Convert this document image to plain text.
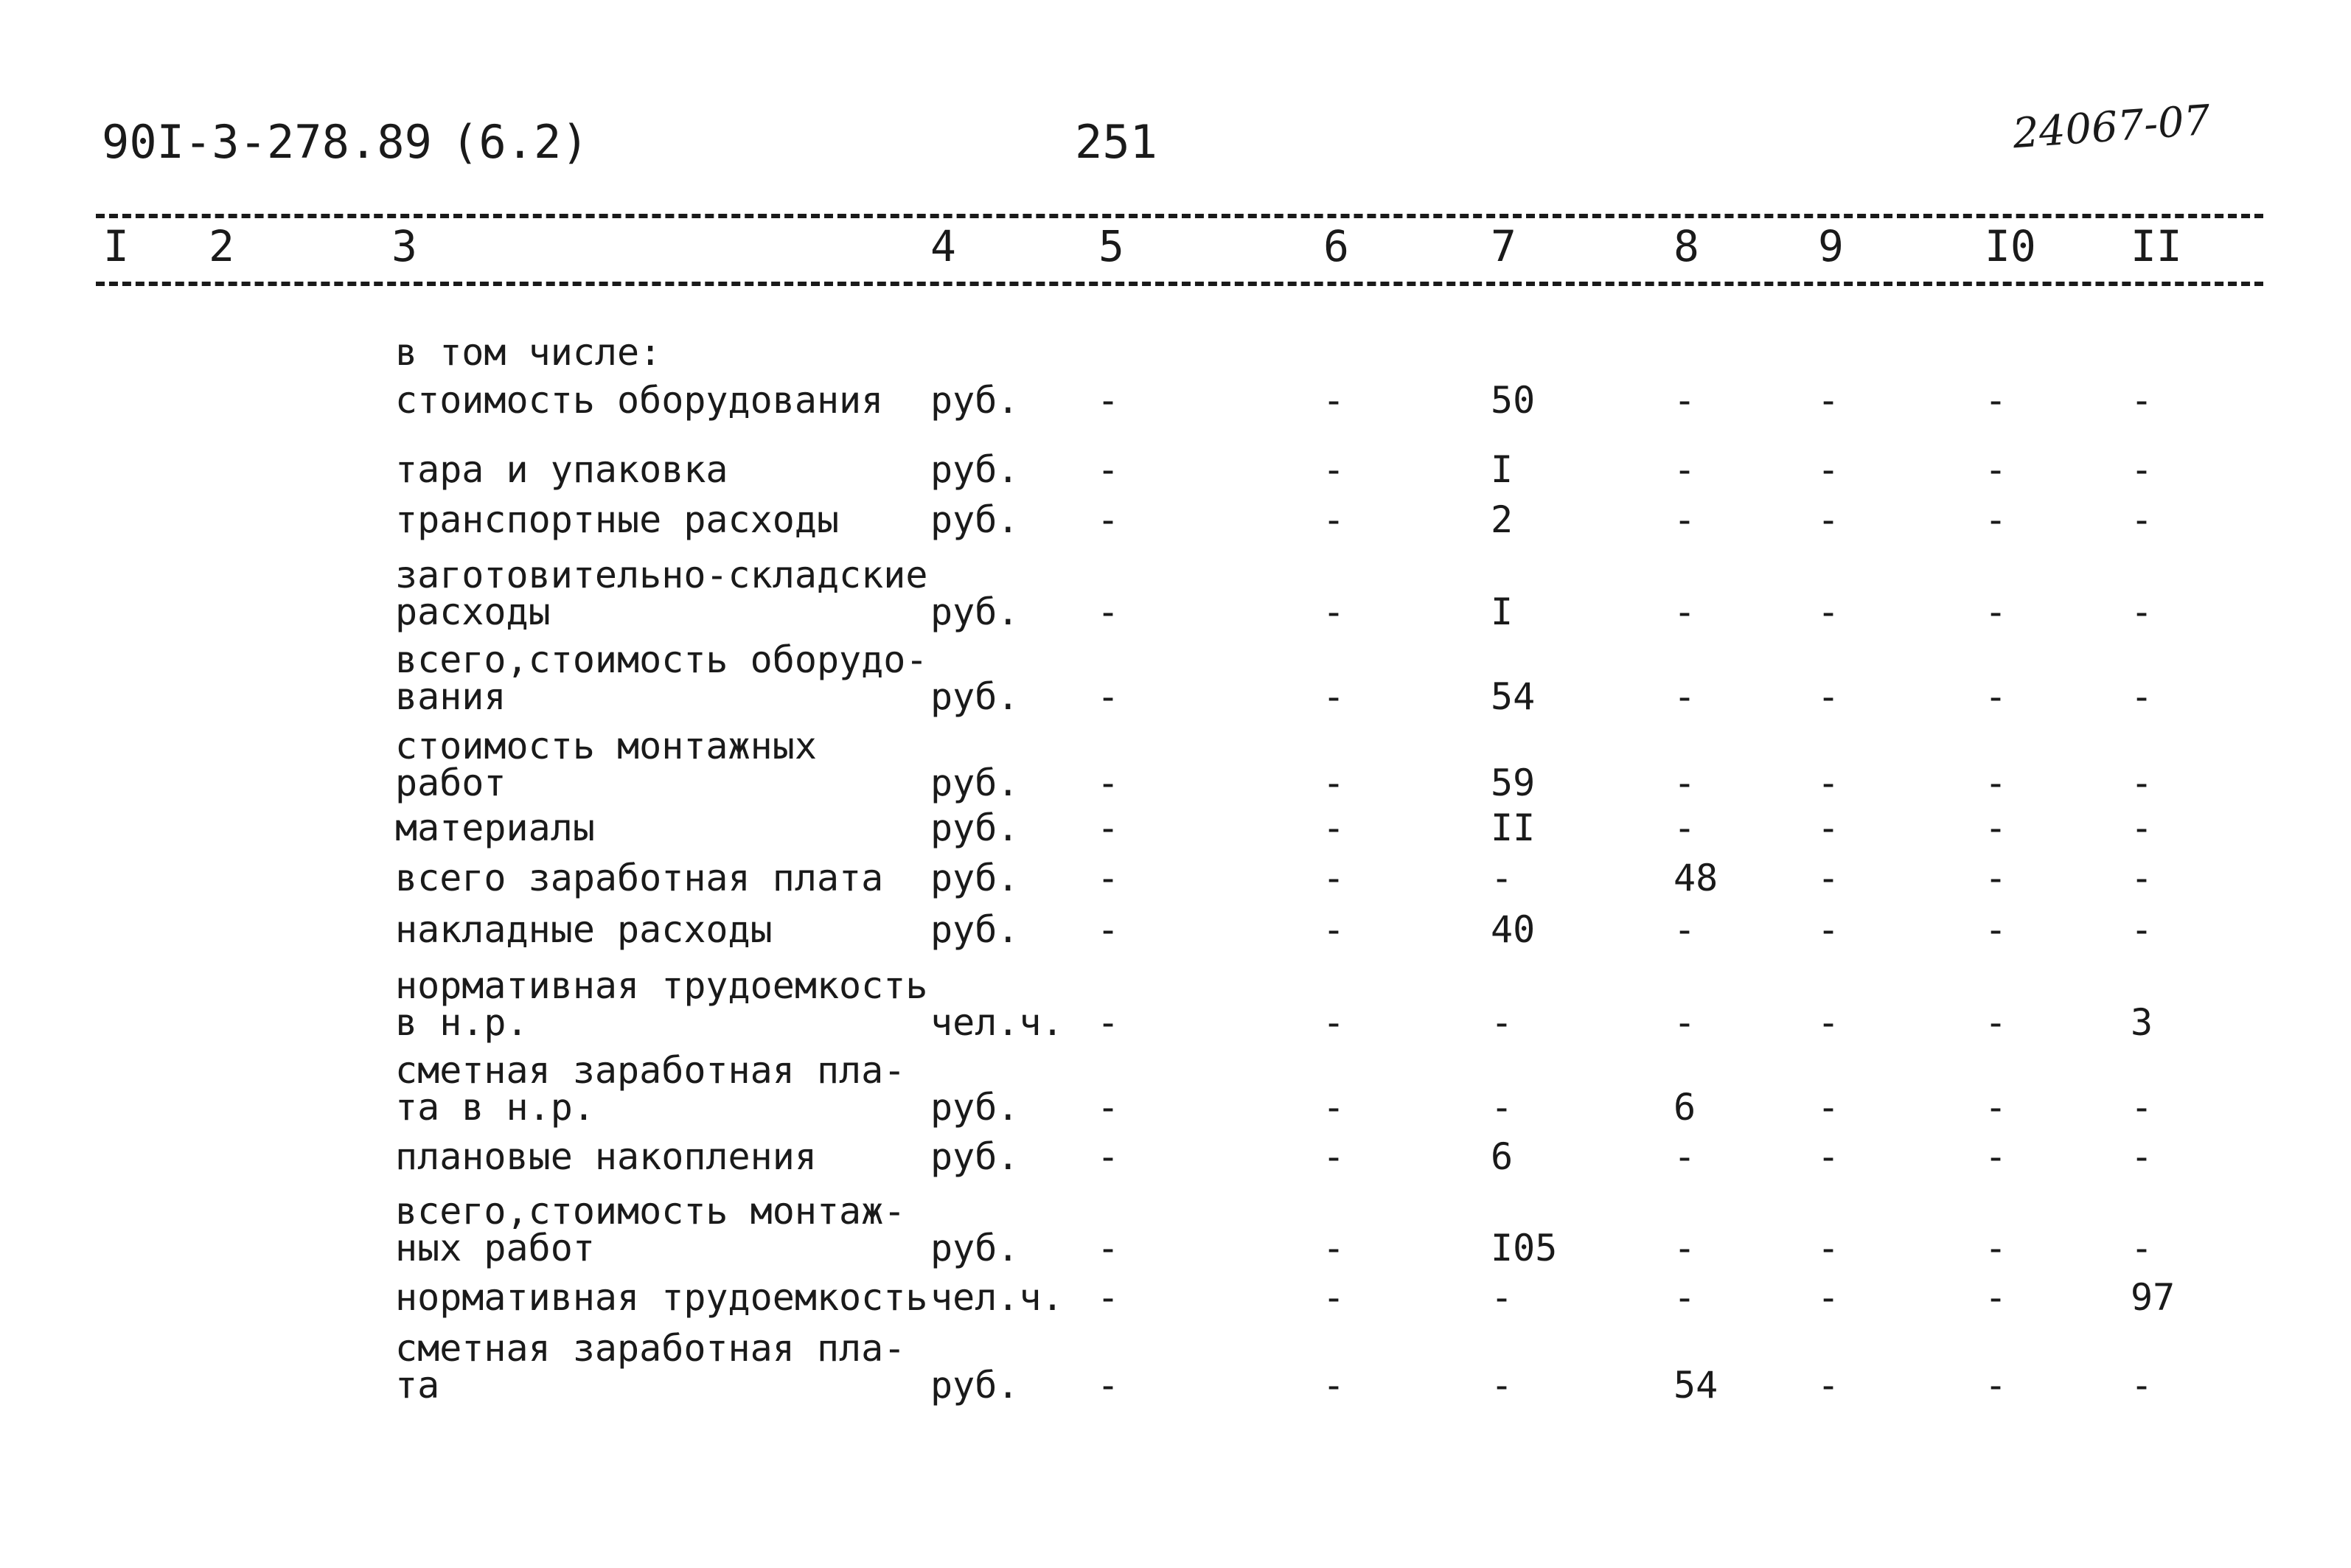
90I-3-278.89 (6.2)	251	24067-07
I 2	3	4	5	6	7	8	9	I0 II
в том числе:
стоимость оборудования руб. -	-	50	-	-	-	-
тара и упаковка	руб. -	-	I	-	-	-	-
транспортные расходы руб. -	-	2	-	-	-	-
заготовительно-складские
расходы	руб. -	-	I	-	-	-	-
всего,стоимость оборудо-
вания	руб. -	-	54	-	-	-	-
стоимость монтажных
работ	руб. -	-	59	-	-	-	-
материалы	руб. -	-	II	-	-	-	-
всего заработная плата руб. -	-	-	48	-	-	-
накладные расходы	руб. -	-	40	-	-	-	-
нормативная трудоемкость
в н.р.	чел.ч. -	-	-	-	-	-	3
сметная заработная пла-
та в н.р.	руб. -	-	-	6	-	-	-
плановые накопления	руб. -	-	6	-	-	-	-
всего,стоимость монтаж-
ных работ	руб. -	-	I05	-	-	-	-
нормативная трудоемкость чел.ч. -	-	-	-	-	-	97
сметная заработная пла-
та	руб. -	-	-	54	-	-	-
